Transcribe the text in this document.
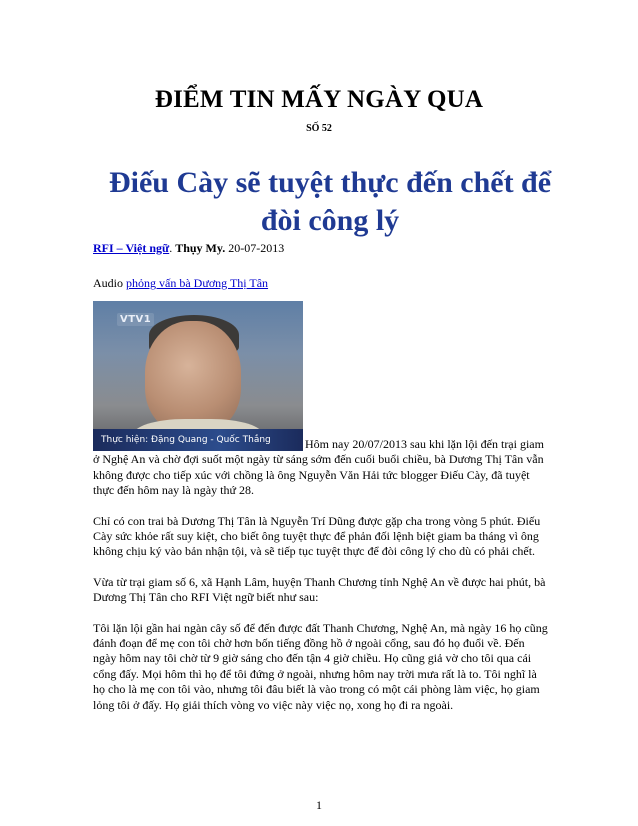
ĐIỂM TIN MẤY NGÀY QUA
SỐ 52
Điếu Cày sẽ tuyệt thực đến chết để đòi công lý
RFI – Việt ngữ. Thụy My. 20-07-2013
Audio phỏng vấn bà Dương Thị Tân
VTV1
Thực hiện: Đặng Quang - Quốc Thắng	Hôm nay 20/07/2013 sau khi lặn lội đến trại giam ở Nghệ An và chờ đợi suốt một ngày từ sáng sớm đến cuối buổi chiều, bà Dương Thị Tân vẫn không được cho tiếp xúc với chồng là ông Nguyễn Văn Hải tức blogger Điếu Cày, đã tuyệt thực đến hôm nay là ngày thứ 28.

Chỉ có con trai bà Dương Thị Tân là Nguyễn Trí Dũng được gặp cha trong vòng 5 phút. Điếu Cày sức khỏe rất suy kiệt, cho biết ông tuyệt thực để phản đối lệnh biệt giam ba tháng vì ông không chịu ký vào bản nhận tội, và sẽ tiếp tục tuyệt thực để đòi công lý cho dù có phải chết.

Vừa từ trại giam số 6, xã Hạnh Lâm, huyện Thanh Chương tỉnh Nghệ An về được hai phút, bà Dương Thị Tân cho RFI Việt ngữ biết như sau:

Tôi lặn lội gần hai ngàn cây số để đến được đất Thanh Chương, Nghệ An, mà ngày 16 họ cũng đánh đoạn để mẹ con tôi chờ hơn bốn tiếng đồng hồ ở ngoài cổng, sau đó họ đuổi về. Đến ngày hôm nay tôi chờ từ 9 giờ sáng cho đến tận 4 giờ chiều. Họ cũng giả vờ cho tôi qua cái cổng đấy. Mọi hôm thì họ để tôi đứng ở ngoài, nhưng hôm nay trời mưa rất là to. Tôi nghĩ là họ cho là mẹ con tôi vào, nhưng tôi đâu biết là vào trong có một cái phòng làm việc, họ giam lỏng tôi ở đấy. Họ giải thích vòng vo việc này việc nọ, xong họ đi ra ngoài.

1
